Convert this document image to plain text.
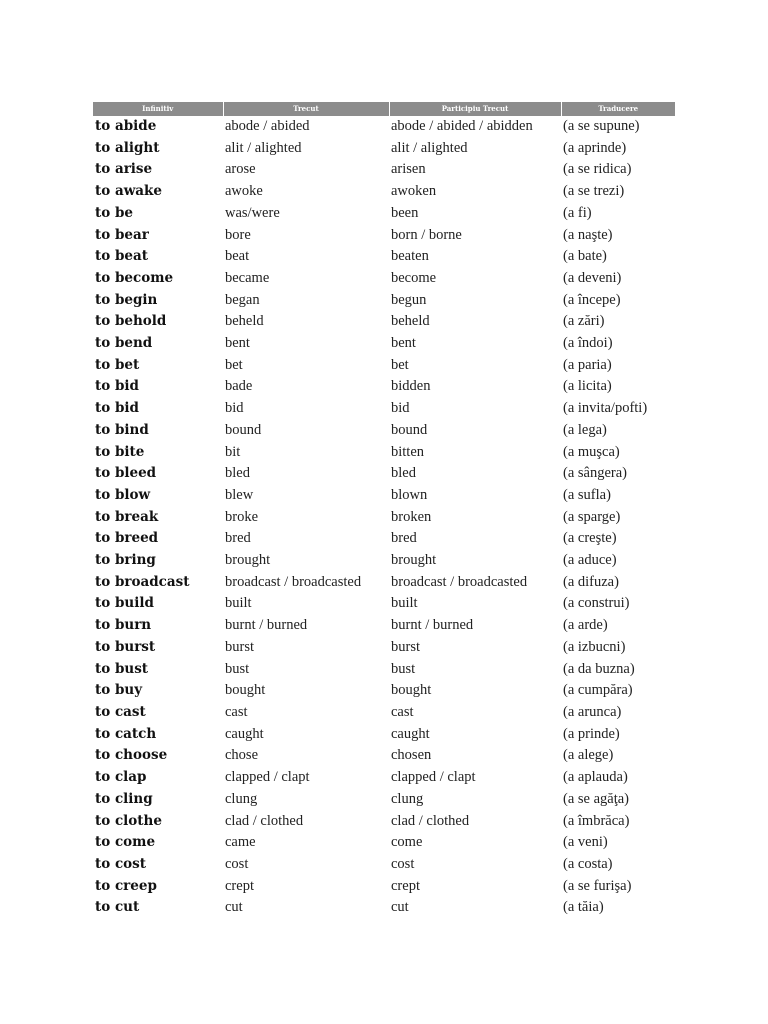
Infinitiv	Trecut	Participiu Trecut	Traducere
to abide	abode / abided	abode / abided / abidden	(a se supune)
to alight	alit / alighted	alit / alighted	(a aprinde)
to arise	arose	arisen	(a se ridica)
to awake	awoke	awoken	(a se trezi)
to be	was/were	been	(a fi)
to bear	bore	born / borne	(a naşte)
to beat	beat	beaten	(a bate)
to become	became	become	(a deveni)
to begin	began	begun	(a începe)
to behold	beheld	beheld	(a zări)
to bend	bent	bent	(a îndoi)
to bet	bet	bet	(a paria)
to bid	bade	bidden	(a licita)
to bid	bid	bid	(a invita/pofti)
to bind	bound	bound	(a lega)
to bite	bit	bitten	(a muşca)
to bleed	bled	bled	(a sângera)
to blow	blew	blown	(a sufla)
to break	broke	broken	(a sparge)
to breed	bred	bred	(a creşte)
to bring	brought	brought	(a aduce)
to broadcast	broadcast / broadcasted	broadcast / broadcasted	(a difuza)
to build	built	built	(a construi)
to burn	burnt / burned	burnt / burned	(a arde)
to burst	burst	burst	(a izbucni)
to bust	bust	bust	(a da buzna)
to buy	bought	bought	(a cumpăra)
to cast	cast	cast	(a arunca)
to catch	caught	caught	(a prinde)
to choose	chose	chosen	(a alege)
to clap	clapped / clapt	clapped / clapt	(a aplauda)
to cling	clung	clung	(a se agăţa)
to clothe	clad / clothed	clad / clothed	(a îmbrăca)
to come	came	come	(a veni)
to cost	cost	cost	(a costa)
to creep	crept	crept	(a se furişa)
to cut	cut	cut	(a tăia)
